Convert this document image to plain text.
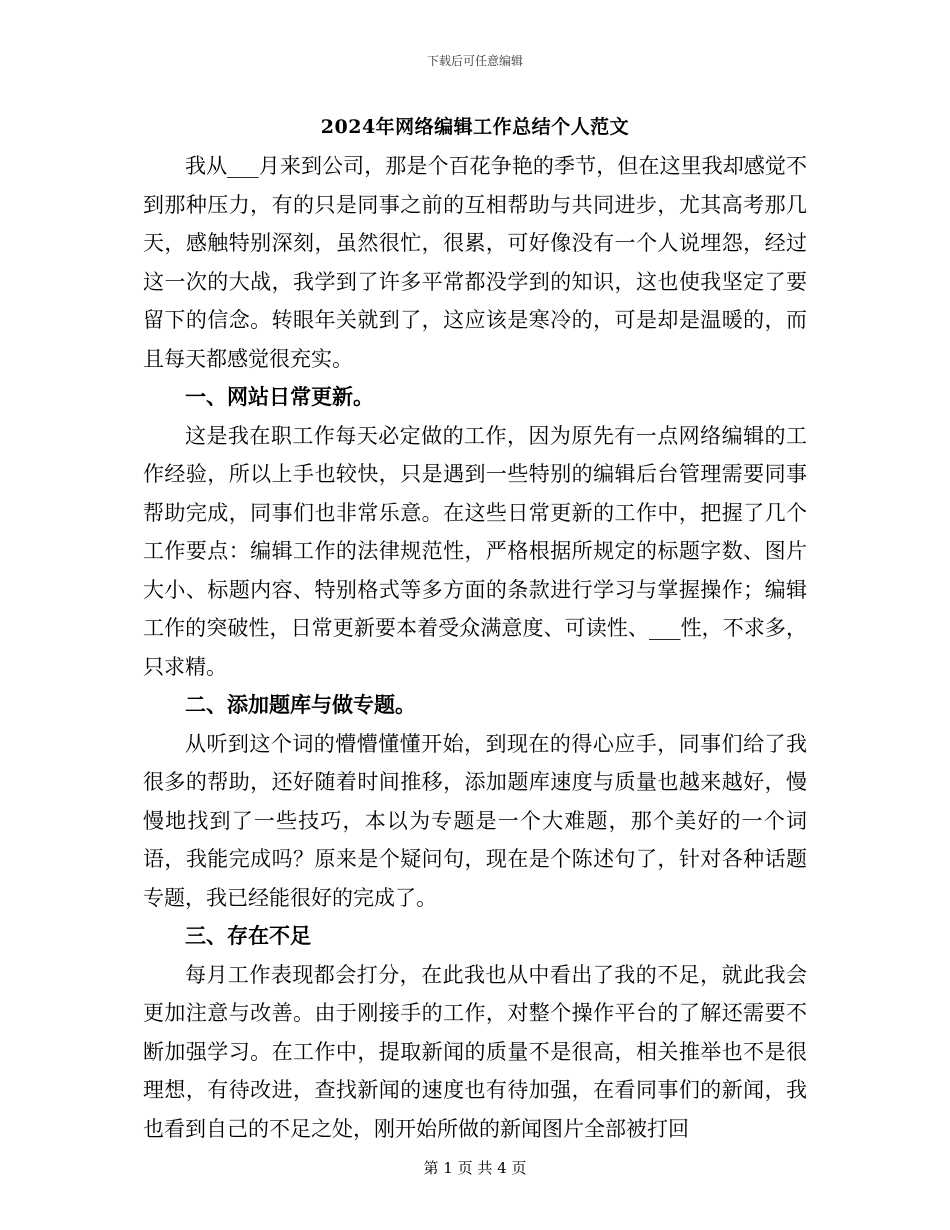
下载后可任意编辑
2024年网络编辑工作总结个人范文

我从___月来到公司，那是个百花争艳的季节，但在这里我却感觉不到那种压力，有的只是同事之前的互相帮助与共同进步，尤其高考那几天，感触特别深刻，虽然很忙，很累，可好像没有一个人说埋怨，经过这一次的大战，我学到了许多平常都没学到的知识，这也使我坚定了要留下的信念。转眼年关就到了，这应该是寒冷的，可是却是温暖的，而且每天都感觉很充实。

一、网站日常更新。

这是我在职工作每天必定做的工作，因为原先有一点网络编辑的工作经验，所以上手也较快，只是遇到一些特别的编辑后台管理需要同事帮助完成，同事们也非常乐意。在这些日常更新的工作中，把握了几个工作要点：编辑工作的法律规范性，严格根据所规定的标题字数、图片大小、标题内容、特别格式等多方面的条款进行学习与掌握操作；编辑工作的突破性，日常更新要本着受众满意度、可读性、___性，不求多，只求精。

二、添加题库与做专题。

从听到这个词的懵懵懂懂开始，到现在的得心应手，同事们给了我很多的帮助，还好随着时间推移，添加题库速度与质量也越来越好，慢慢地找到了一些技巧，本以为专题是一个大难题，那个美好的一个词语，我能完成吗？原来是个疑问句，现在是个陈述句了，针对各种话题专题，我已经能很好的完成了。

三、存在不足

每月工作表现都会打分，在此我也从中看出了我的不足，就此我会更加注意与改善。由于刚接手的工作，对整个操作平台的了解还需要不断加强学习。在工作中，提取新闻的质量不是很高，相关推举也不是很理想，有待改进，查找新闻的速度也有待加强，在看同事们的新闻，我也看到自己的不足之处，刚开始所做的新闻图片全部被打回

第 1 页 共 4 页
